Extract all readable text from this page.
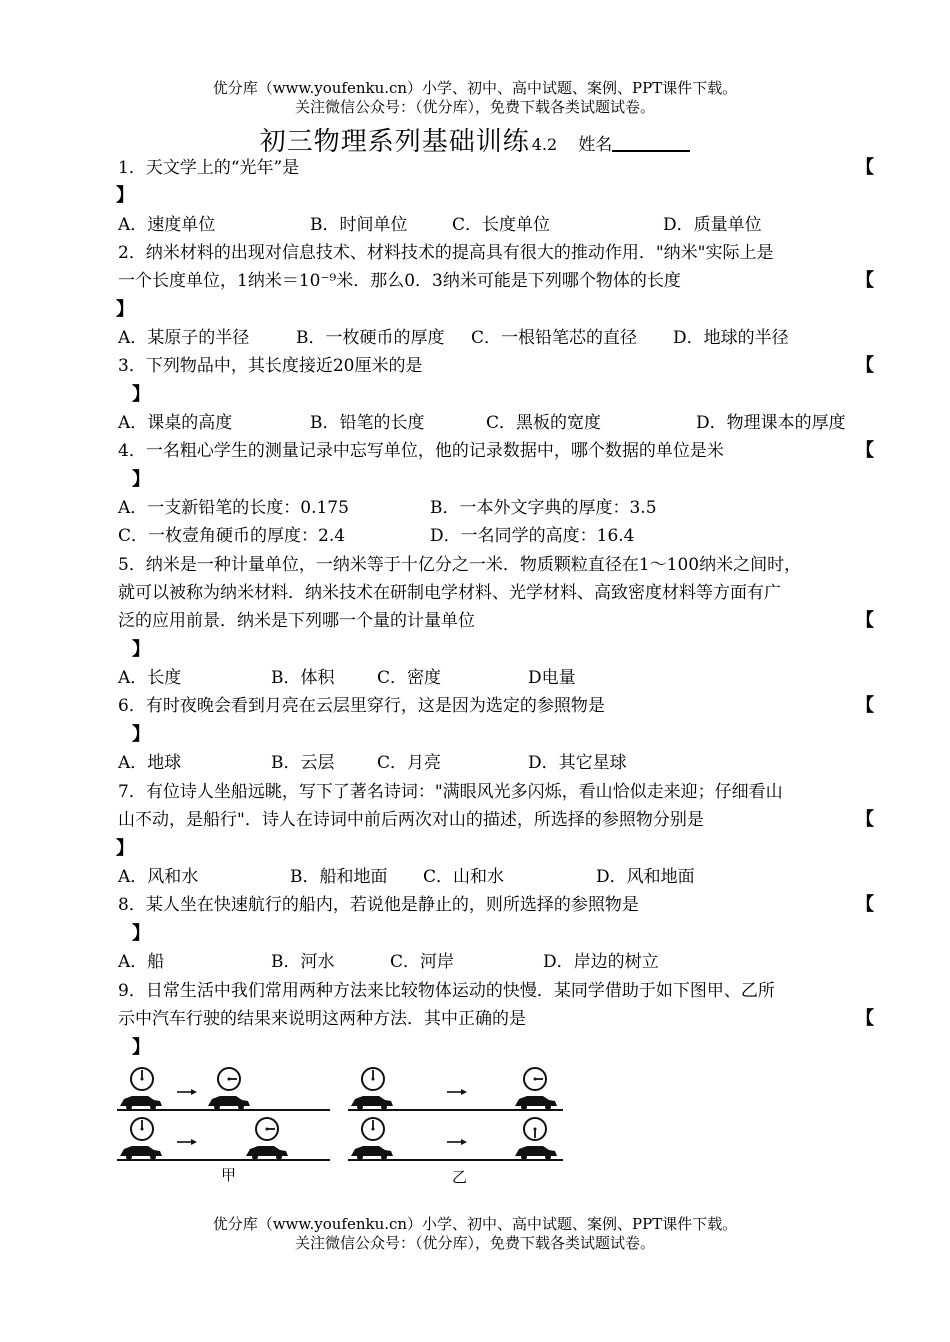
优分库（www.youfenku.cn）小学、初中、高中试题、案例、PPT课件下载。
关注微信公众号：（优分库），免费下载各类试题试卷。
初三物理系列基础训练 4.2 姓名
1．天文学上的“光年”是	【
】
A．速度单位	B．时间单位	C．长度单位	D．质量单位
2．纳米材料的出现对信息技术、材料技术的提高具有很大的推动作用．"纳米"实际上是
一个长度单位，1纳米＝10⁻⁹米．那么0．3纳米可能是下列哪个物体的长度	【
】
A．某原子的半径	B．一枚硬币的厚度 C．一根铅笔芯的直径 D．地球的半径
3．下列物品中，其长度接近20厘米的是	【
】
A．课桌的高度	B．铅笔的长度	C．黑板的宽度	D．物理课本的厚度
4．一名粗心学生的测量记录中忘写单位，他的记录数据中，哪个数据的单位是米	【
】
A．一支新铅笔的长度：0.175	B．一本外文字典的厚度：3.5
C．一枚壹角硬币的厚度：2.4	D．一名同学的高度：16.4
5．纳米是一种计量单位，一纳米等于十亿分之一米．物质颗粒直径在1～100纳米之间时，
就可以被称为纳米材料．纳米技术在研制电学材料、光学材料、高致密度材料等方面有广
泛的应用前景．纳米是下列哪一个量的计量单位	【
】
A．长度	B．体积	C．密度	D电量
6．有时夜晚会看到月亮在云层里穿行，这是因为选定的参照物是	【
】
A．地球	B．云层	C．月亮	D．其它星球
7．有位诗人坐船远眺，写下了著名诗词："满眼风光多闪烁，看山恰似走来迎；仔细看山
山不动，是船行"．诗人在诗词中前后两次对山的描述，所选择的参照物分别是	【
】
A．风和水	B．船和地面 C．山和水	D．风和地面
8．某人坐在快速航行的船内，若说他是静止的，则所选择的参照物是	【
】
A．船	B．河水	C．河岸	D．岸边的树立
9．日常生活中我们常用两种方法来比较物体运动的快慢．某同学借助于如下图甲、乙所
示中汽车行驶的结果来说明这两种方法．其中正确的是	【
】
甲	乙
优分库（www.youfenku.cn）小学、初中、高中试题、案例、PPT课件下载。
关注微信公众号：（优分库），免费下载各类试题试卷。
